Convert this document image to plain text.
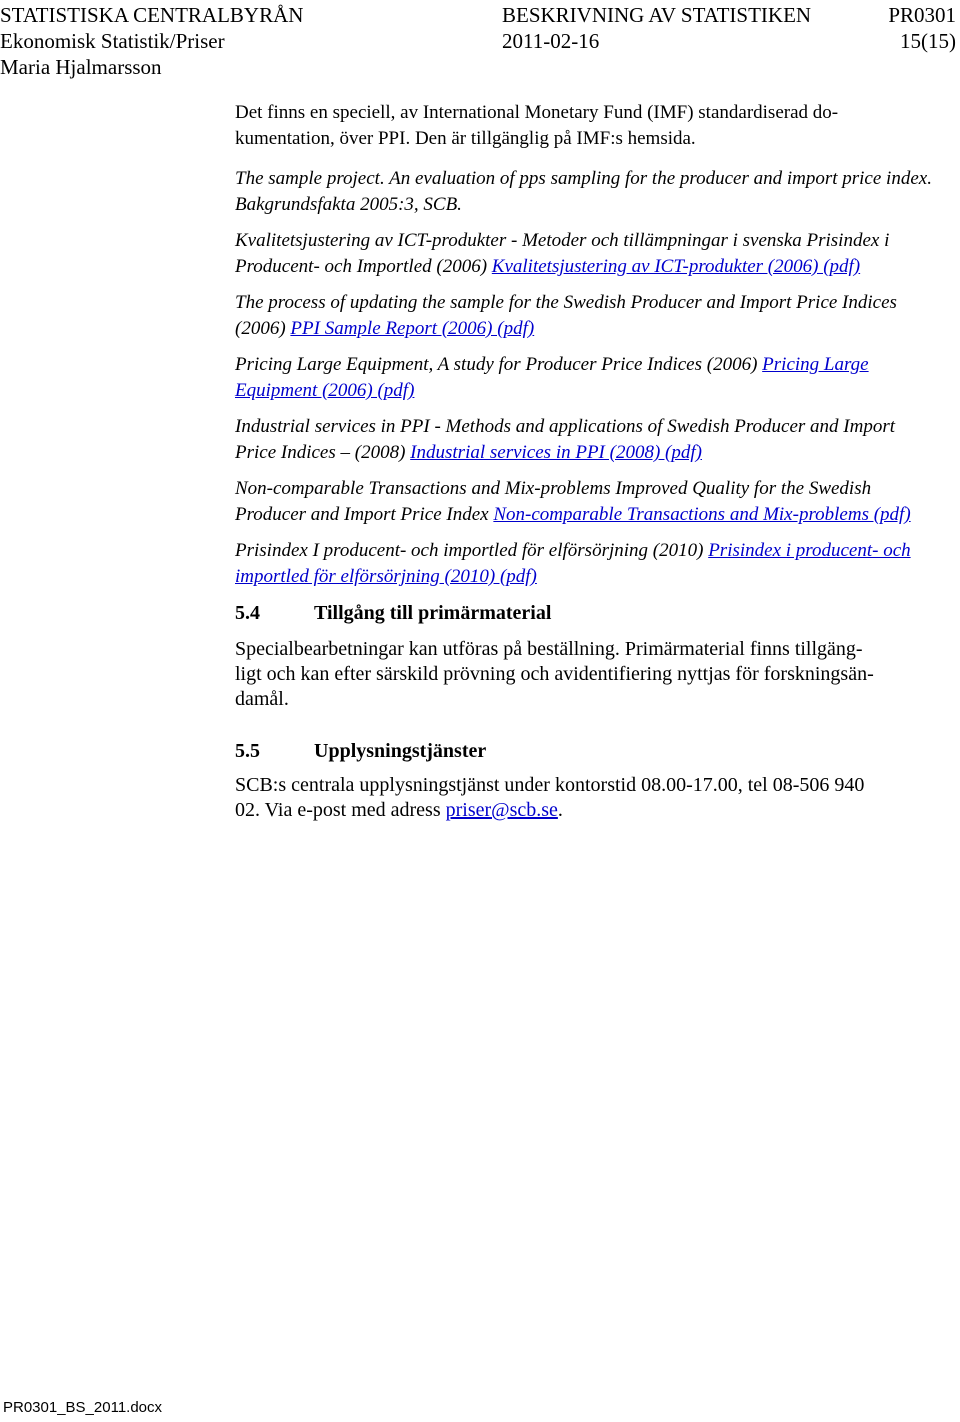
STATISTISKA CENTRALBYRÅN	BESKRIVNING AV STATISTIKEN	PR0301
Ekonomisk Statistik/Priser	2011-02-16	15(15)
Maria Hjalmarsson

Det finns en speciell, av International Monetary Fund (IMF) standardiserad do-
kumentation, över PPI. Den är tillgänglig på IMF:s hemsida.

The sample project. An evaluation of pps sampling for the producer and import price index. Bakgrundsfakta 2005:3, SCB.

Kvalitetsjustering av ICT-produkter - Metoder och tillämpningar i svenska Prisindex i Producent- och Importled (2006) Kvalitetsjustering av ICT-produkter (2006) (pdf)

The process of updating the sample for the Swedish Producer and Import Price Indices (2006) PPI Sample Report (2006) (pdf)

Pricing Large Equipment, A study for Producer Price Indices (2006) Pricing Large Equipment (2006) (pdf)

Industrial services in PPI - Methods and applications of Swedish Producer and Import Price Indices – (2008) Industrial services in PPI (2008) (pdf)

Non-comparable Transactions and Mix-problems Improved Quality for the Swedish Producer and Import Price Index Non-comparable Transactions and Mix-problems (pdf)

Prisindex I producent- och importled för elförsörjning (2010) Prisindex i producent- och importled för elförsörjning (2010) (pdf)

5.4	Tillgång till primärmaterial

Specialbearbetningar kan utföras på beställning. Primärmaterial finns tillgäng-
ligt och kan efter särskild prövning och avidentifiering nyttjas för forskningsän-
damål.

5.5	Upplysningstjänster

SCB:s centrala upplysningstjänst under kontorstid 08.00-17.00, tel 08-506 940
02. Via e-post med adress priser@scb.se.

PR0301_BS_2011.docx
